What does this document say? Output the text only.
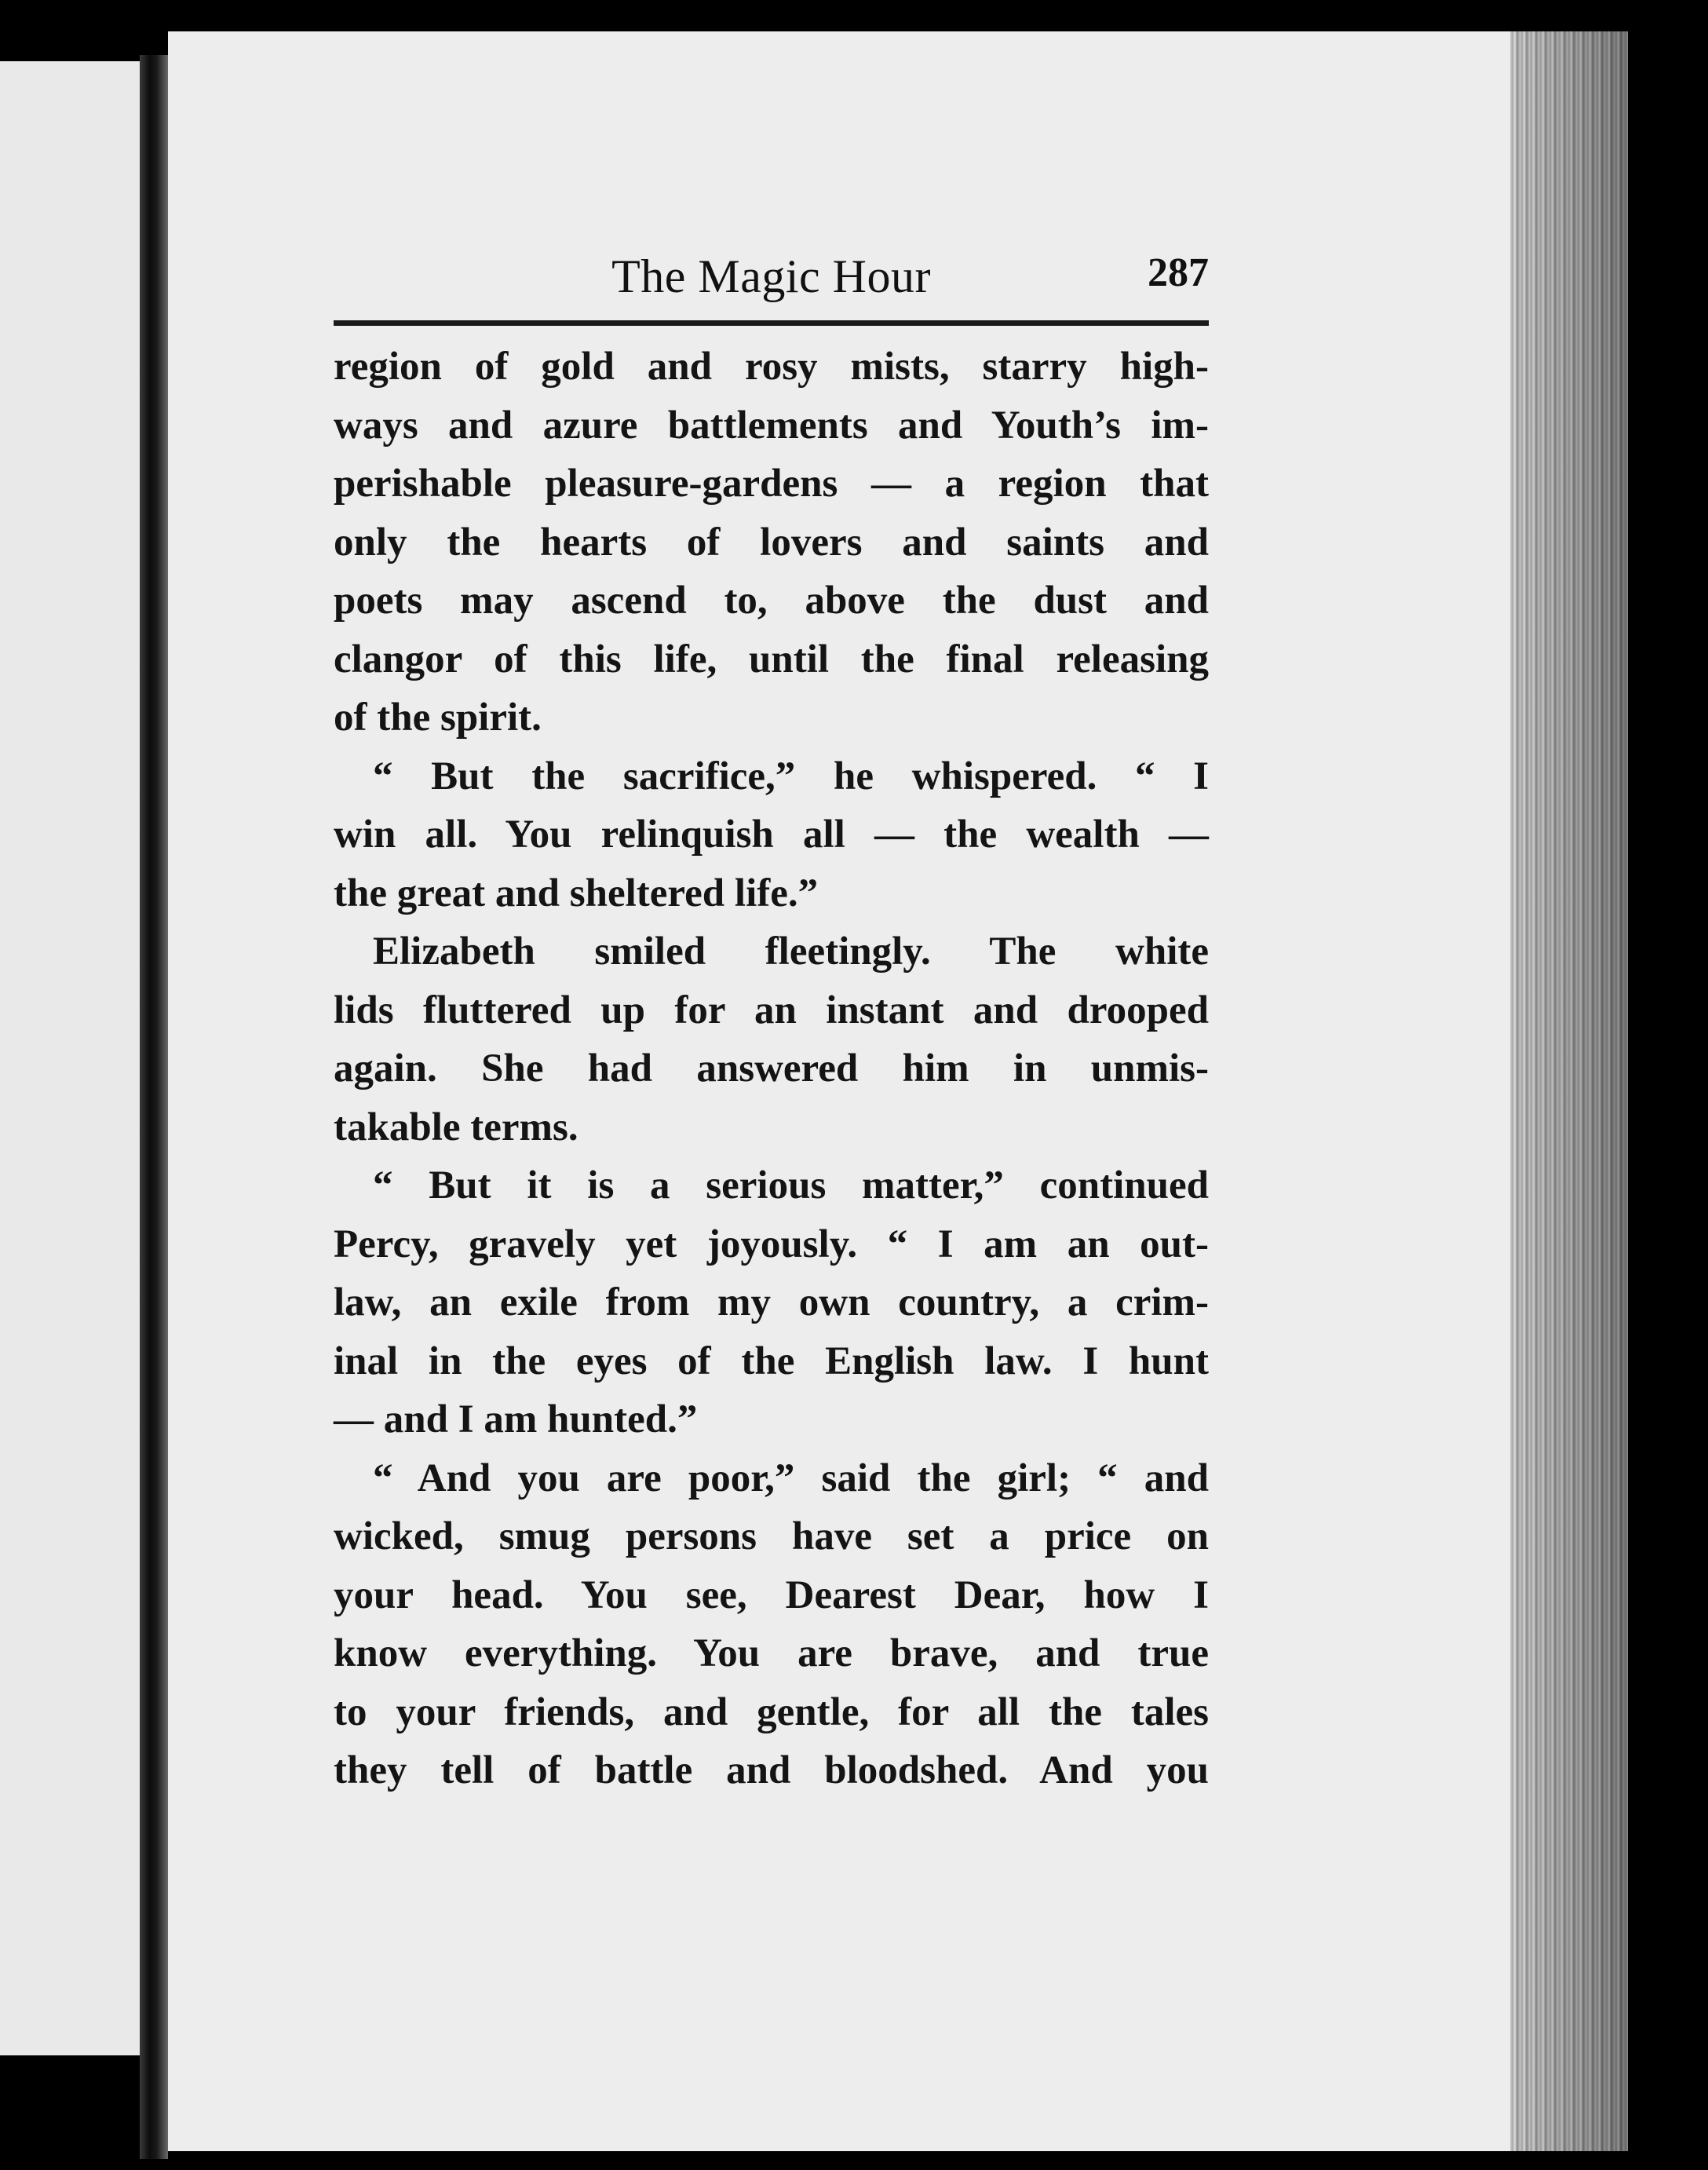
The Magic Hour	287
region of gold and rosy mists, starry high-
ways and azure battlements and Youth’s im-
perishable pleasure-gardens — a region that
only the hearts of lovers and saints and
poets may ascend to, above the dust and
clangor of this life, until the final releasing
of the spirit.
“ But the sacrifice,” he whispered. “ I
win all. You relinquish all — the wealth —
the great and sheltered life.”
Elizabeth smiled fleetingly. The white
lids fluttered up for an instant and drooped
again. She had answered him in unmis-
takable terms.
“ But it is a serious matter,” continued
Percy, gravely yet joyously. “ I am an out-
law, an exile from my own country, a crim-
inal in the eyes of the English law. I hunt
— and I am hunted.”
“ And you are poor,” said the girl; “ and
wicked, smug persons have set a price on
your head. You see, Dearest Dear, how I
know everything. You are brave, and true
to your friends, and gentle, for all the tales
they tell of battle and bloodshed. And you
